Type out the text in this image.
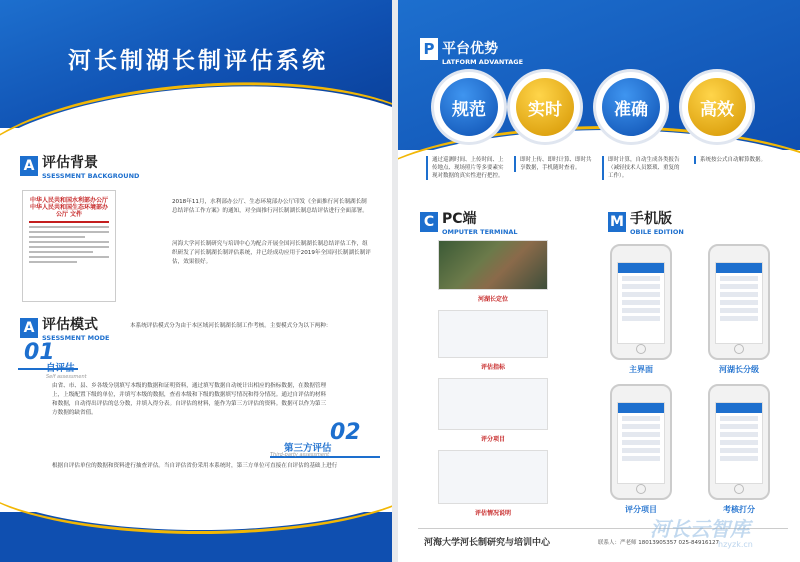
河长制湖长制评估系统
A 评估背景
SSESSMENT BACKGROUND
中华人民共和国水利部办公厅 中华人民共和国生态环境部办公厅 文件
2018年11月，水利部办公厅、生态环境部办公厅印发《全面推行河长制湖长制总结评估工作方案》的通知，对全面推行河长制湖长制总结评估进行全面部署。
河海大学河长制研究与培训中心为配合开展全国河长制湖长制总结评估工作，组织研发了河长制湖长制评估系统，并已经成功应用于2019年全国河长制湖长制评估，效果很好。
A 评估模式
SSESSMENT MODE
本系统评估模式分为由于本区域河长制湖长制工作考核。主要模式分为以下两种：
01
自评估
Self assessment
由省、市、县、乡各级分别填写本级的数据和证明资料，通过填写数据自动统计出相应的指标数据，在数据管理上，上级配置下级的单位，并填写本级的数据，查看本级和下级的数据填写情况和得分情况。通过自评估的材料和数据，自动得出评估的总分数，并填入得分表。自评估的材料，能作为第三方评估的资料。数据可以作为第三方数据的缺省值。
02
第三方评估
Third-party assessment
根据自评估单位的数据和资料进行抽查评估。当自评估省份采用本系统时，第三方单位可直接在自评估的基础上进行
P 平台优势
LATFORM ADVANTAGE
规范	实时	准确	高效
通过巡测时间、上传时间、上传地点、现场照片等多要素实现对数据的真实性进行把控。
即时上传、即时计算、即时共享数据，手机随时查看。
即时计算，自动生成各类报告（减轻技术人员繁琐、重复的工作）。
系统按公式自动解算数据。
C PC端
OMPUTER TERMINAL
M 手机版
OBILE EDITION
河湖长定位
评估指标
评分项目
评估情况说明
主界面	河湖长分级
评分项目	考核打分
河海大学河长制研究与培训中心	联系人：严老师 18013905357 025-84916127
河长云智库
hzyzk.cn
